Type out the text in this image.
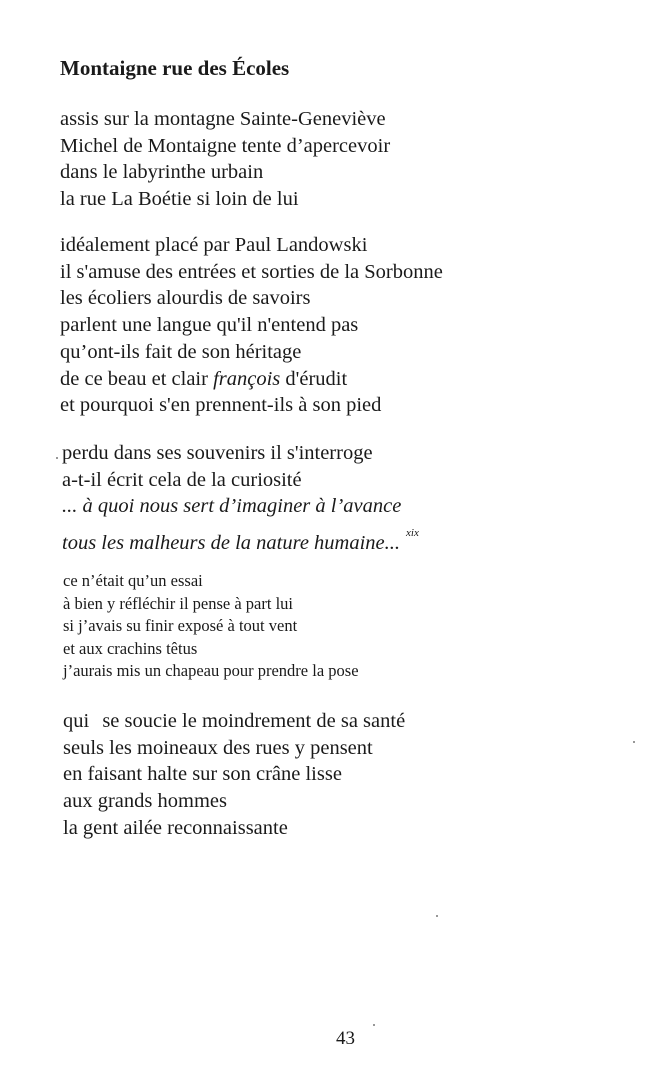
Montaigne rue des Écoles
assis sur la montagne Sainte-Geneviève
Michel de Montaigne tente d’apercevoir
dans le labyrinthe urbain
la rue La Boétie si loin de lui
idéalement placé par Paul Landowski
il s'amuse des entrées et sorties de la Sorbonne
les écoliers alourdis de savoirs
parlent une langue qu'il n'entend pas
qu’ont-ils fait de son héritage
de ce beau et clair françois d'érudit
et pourquoi s'en prennent-ils à son pied
perdu dans ses souvenirs il s'interroge
a-t-il écrit cela de la curiosité
... à quoi nous sert d’imaginer à l’avance
tous les malheurs de la nature humaine... $^{xix}$
ce n’était qu’un essai
à bien y réfléchir il pense à part lui
si j’avais su finir exposé à tout vent
et aux crachins têtus
j’aurais mis un chapeau pour prendre la pose
qui se soucie le moindrement de sa santé
seuls les moineaux des rues y pensent
en faisant halte sur son crâne lisse
aux grands hommes
la gent ailée reconnaissante
43
